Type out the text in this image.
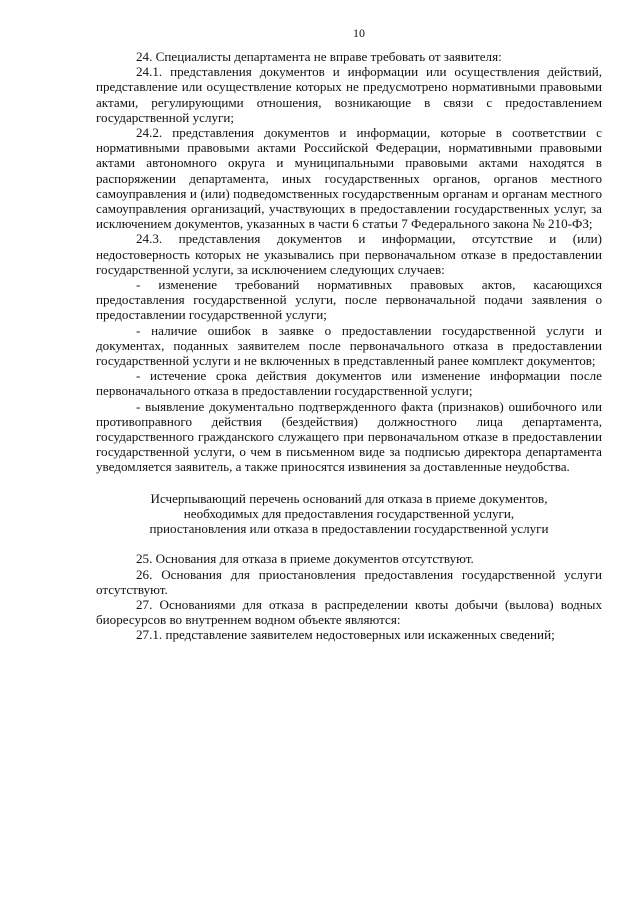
10

24. Специалисты департамента не вправе требовать от заявителя:

24.1. представления документов и информации или осуществления действий, представление или осуществление которых не предусмотрено нормативными правовыми актами, регулирующими отношения, возникающие в связи с предоставлением государственной услуги;

24.2. представления документов и информации, которые в соответствии с нормативными правовыми актами Российской Федерации, нормативными правовыми актами автономного округа и муниципальными правовыми актами находятся в распоряжении департамента, иных государственных органов, органов местного самоуправления и (или) подведомственных государственным органам и органам местного самоуправления организаций, участвующих в предоставлении государственных услуг, за исключением документов, указанных в части 6 статьи 7 Федерального закона № 210-ФЗ;

24.3. представления документов и информации, отсутствие и (или) недостоверность которых не указывались при первоначальном отказе в предоставлении государственной услуги, за исключением следующих случаев:

- изменение требований нормативных правовых актов, касающихся предоставления государственной услуги, после первоначальной подачи заявления о предоставлении государственной услуги;

- наличие ошибок в заявке о предоставлении государственной услуги и документах, поданных заявителем после первоначального отказа в предоставлении государственной услуги и не включенных в представленный ранее комплект документов;

- истечение срока действия документов или изменение информации после первоначального отказа в предоставлении государственной услуги;

- выявление документально подтвержденного факта (признаков) ошибочного или противоправного действия (бездействия) должностного лица департамента, государственного гражданского служащего при первоначальном отказе в предоставлении государственной услуги, о чем в письменном виде за подписью директора департамента уведомляется заявитель, а также приносятся извинения за доставленные неудобства.

Исчерпывающий перечень оснований для отказа в приеме документов, необходимых для предоставления государственной услуги, приостановления или отказа в предоставлении государственной услуги

25. Основания для отказа в приеме документов отсутствуют.

26. Основания для приостановления предоставления государственной услуги отсутствуют.

27. Основаниями для отказа в распределении квоты добычи (вылова) водных биоресурсов во внутреннем водном объекте являются:

27.1. представление заявителем недостоверных или искаженных сведений;
